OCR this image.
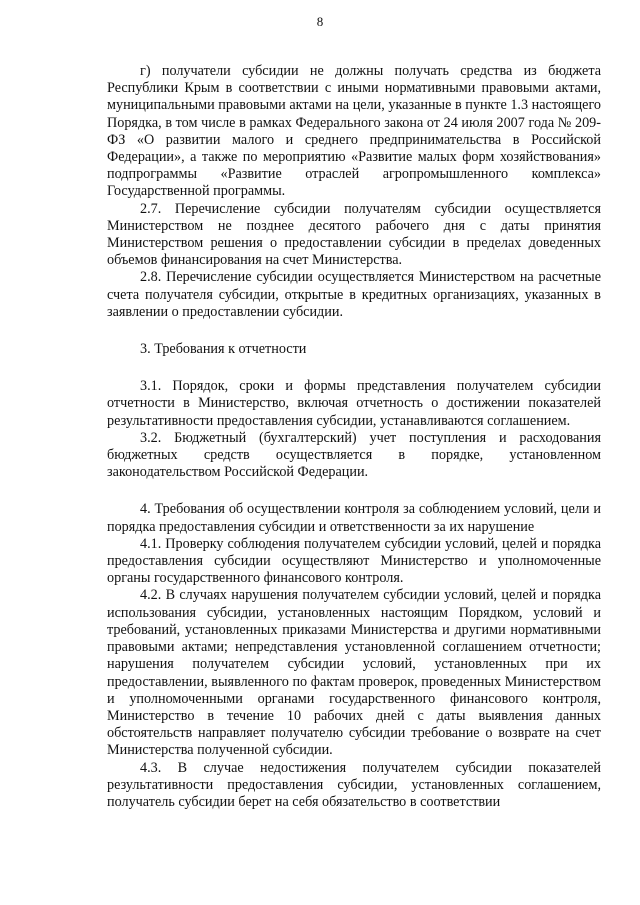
8

г) получатели субсидии не должны получать средства из бюджета Республики Крым в соответствии с иными нормативными правовыми актами, муниципальными правовыми актами на цели, указанные в пункте 1.3 настоящего Порядка, в том числе в рамках Федерального закона от 24 июля 2007 года № 209-ФЗ «О развитии малого и среднего предпринимательства в Российской Федерации», а также по мероприятию «Развитие малых форм хозяйствования» подпрограммы «Развитие отраслей агропромышленного комплекса» Государственной программы.

2.7. Перечисление субсидии получателям субсидии осуществляется Министерством не позднее десятого рабочего дня с даты принятия Министерством решения о предоставлении субсидии в пределах доведенных объемов финансирования на счет Министерства.

2.8. Перечисление субсидии осуществляется Министерством на расчетные счета получателя субсидии, открытые в кредитных организациях, указанных в заявлении о предоставлении субсидии.

3. Требования к отчетности

3.1. Порядок, сроки и формы представления получателем субсидии отчетности в Министерство, включая отчетность о достижении показателей результативности предоставления субсидии, устанавливаются соглашением.

3.2. Бюджетный (бухгалтерский) учет поступления и расходования бюджетных средств осуществляется в порядке, установленном законодательством Российской Федерации.

4. Требования об осуществлении контроля за соблюдением условий, цели и порядка предоставления субсидии и ответственности за их нарушение

4.1. Проверку соблюдения получателем субсидии условий, целей и порядка предоставления субсидии осуществляют Министерство и уполномоченные органы государственного финансового контроля.

4.2. В случаях нарушения получателем субсидии условий, целей и порядка использования субсидии, установленных настоящим Порядком, условий и требований, установленных приказами Министерства и другими нормативными правовыми актами; непредставления установленной соглашением отчетности; нарушения получателем субсидии условий, установленных при их предоставлении, выявленного по фактам проверок, проведенных Министерством и уполномоченными органами государственного финансового контроля, Министерство в течение 10 рабочих дней с даты выявления данных обстоятельств направляет получателю субсидии требование о возврате на счет Министерства полученной субсидии.

4.3. В случае недостижения получателем субсидии показателей результативности предоставления субсидии, установленных соглашением, получатель субсидии берет на себя обязательство в соответствии
